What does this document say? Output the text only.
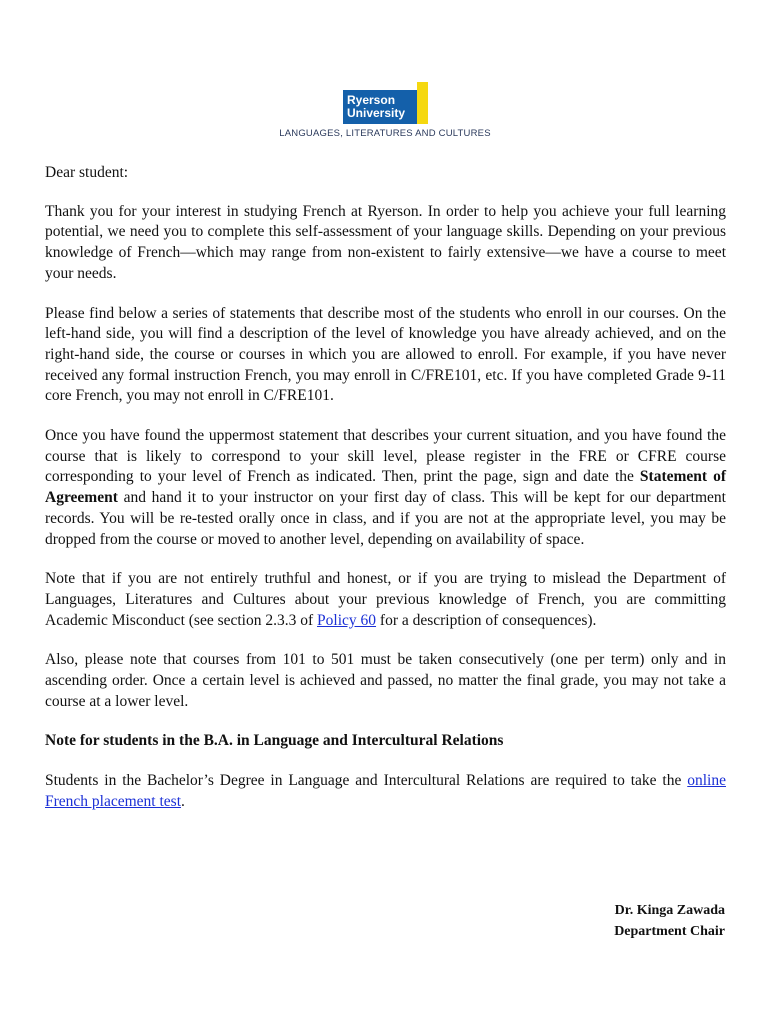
Ryerson
University
LANGUAGES, LITERATURES AND CULTURES

Dear student:

Thank you for your interest in studying French at Ryerson. In order to help you achieve your full learning potential, we need you to complete this self-assessment of your language skills. Depending on your previous knowledge of French—which may range from non-existent to fairly extensive—we have a course to meet your needs.

Please find below a series of statements that describe most of the students who enroll in our courses. On the left-hand side, you will find a description of the level of knowledge you have already achieved, and on the right-hand side, the course or courses in which you are allowed to enroll. For example, if you have never received any formal instruction French, you may enroll in C/FRE101, etc. If you have completed Grade 9-11 core French, you may not enroll in C/FRE101.

Once you have found the uppermost statement that describes your current situation, and you have found the course that is likely to correspond to your skill level, please register in the FRE or CFRE course corresponding to your level of French as indicated. Then, print the page, sign and date the Statement of Agreement and hand it to your instructor on your first day of class. This will be kept for our department records. You will be re-tested orally once in class, and if you are not at the appropriate level, you may be dropped from the course or moved to another level, depending on availability of space.

Note that if you are not entirely truthful and honest, or if you are trying to mislead the Department of Languages, Literatures and Cultures about your previous knowledge of French, you are committing Academic Misconduct (see section 2.3.3 of Policy 60 for a description of consequences).

Also, please note that courses from 101 to 501 must be taken consecutively (one per term) only and in ascending order. Once a certain level is achieved and passed, no matter the final grade, you may not take a course at a lower level.

Note for students in the B.A. in Language and Intercultural Relations

Students in the Bachelor’s Degree in Language and Intercultural Relations are required to take the online French placement test.

Dr. Kinga Zawada
Department Chair
